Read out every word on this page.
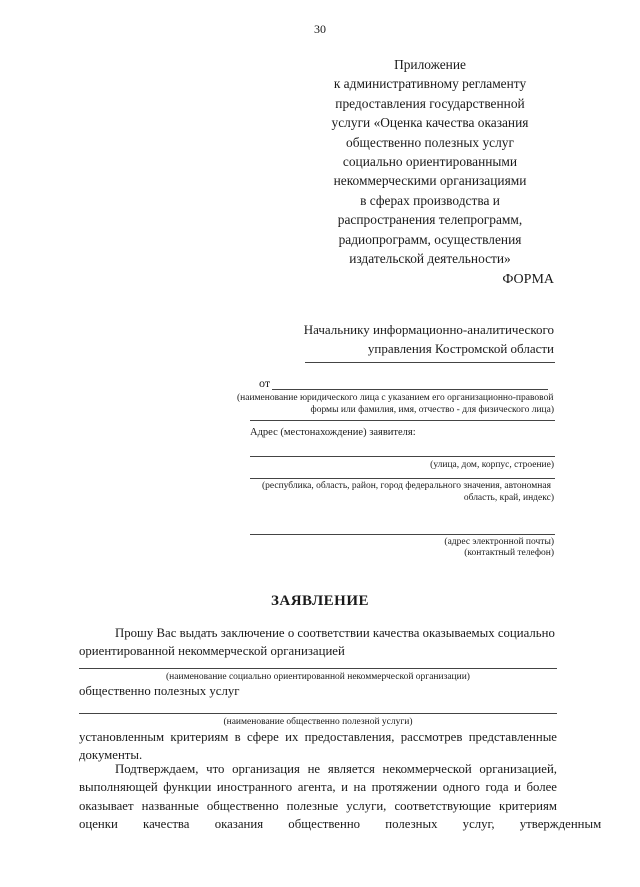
30
Приложение
к административному регламенту
предоставления государственной
услуги «Оценка качества оказания
общественно полезных услуг
социально ориентированными
некоммерческими организациями
в сферах производства и
распространения телепрограмм,
радиопрограмм, осуществления
издательской деятельности»
ФОРМА
Начальнику информационно-аналитического
управления Костромской области
от
(наименование юридического лица с указанием его организационно-правовой
формы или фамилия, имя, отчество - для физического лица)
Адрес (местонахождение) заявителя:
(улица, дом, корпус, строение)
(республика, область, район, город федерального значения, автономная
область, край, индекс)
(адрес электронной почты)
(контактный телефон)
ЗАЯВЛЕНИЕ
Прошу Вас выдать заключение о соответствии качества оказываемых социально
ориентированной некоммерческой организацией
(наименование социально ориентированной некоммерческой организации)
общественно полезных услуг
(наименование общественно полезной услуги)
установленным критериям в сфере их предоставления, рассмотрев представленные
документы.
Подтверждаем, что организация не является некоммерческой организацией,
выполняющей функции иностранного агента, и на протяжении одного года и более
оказывает названные общественно полезные услуги, соответствующие критериям
оценки качества оказания общественно полезных услуг, утвержденным
